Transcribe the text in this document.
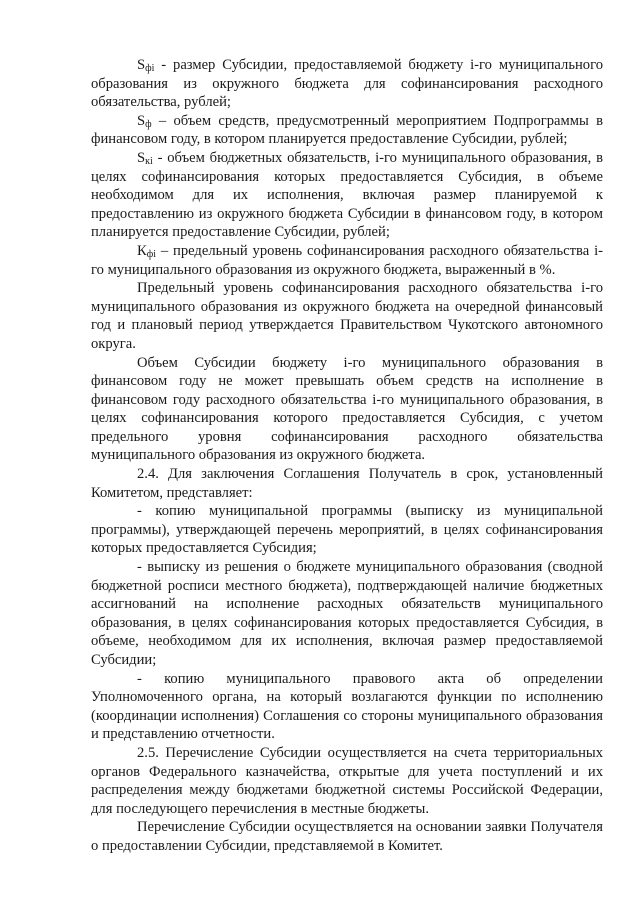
$S_{фi}$ - размер Субсидии, предоставляемой бюджету i-го муниципального образования из окружного бюджета для софинансирования расходного обязательства, рублей;

$S_ф$ – объем средств, предусмотренный мероприятием Подпрограммы в финансовом году, в котором планируется предоставление Субсидии, рублей;

$S_{кi}$ - объем бюджетных обязательств, i-го муниципального образования, в целях софинансирования которых предоставляется Субсидия, в объеме необходимом для их исполнения, включая размер планируемой к предоставлению из окружного бюджета Субсидии в финансовом году, в котором планируется предоставление Субсидии, рублей;

$К_{фi}$ – предельный уровень софинансирования расходного обязательства i-го муниципального образования из окружного бюджета, выраженный в %.

Предельный уровень софинансирования расходного обязательства i-го муниципального образования из окружного бюджета на очередной финансовый год и плановый период утверждается Правительством Чукотского автономного округа.

Объем Субсидии бюджету i-го муниципального образования в финансовом году не может превышать объем средств на исполнение в финансовом году расходного обязательства i-го муниципального образования, в целях софинансирования которого предоставляется Субсидия, с учетом предельного уровня софинансирования расходного обязательства муниципального образования из окружного бюджета.

2.4. Для заключения Соглашения Получатель в срок, установленный Комитетом, представляет:

- копию муниципальной программы (выписку из муниципальной программы), утверждающей перечень мероприятий, в целях софинансирования которых предоставляется Субсидия;

- выписку из решения о бюджете муниципального образования (сводной бюджетной росписи местного бюджета), подтверждающей наличие бюджетных ассигнований на исполнение расходных обязательств муниципального образования, в целях софинансирования которых предоставляется Субсидия, в объеме, необходимом для их исполнения, включая размер предоставляемой Субсидии;

- копию муниципального правового акта об определении Уполномоченного органа, на который возлагаются функции по исполнению (координации исполнения) Соглашения со стороны муниципального образования и представлению отчетности.

2.5. Перечисление Субсидии осуществляется на счета территориальных органов Федерального казначейства, открытые для учета поступлений и их распределения между бюджетами бюджетной системы Российской Федерации, для последующего перечисления в местные бюджеты.

Перечисление Субсидии осуществляется на основании заявки Получателя о предоставлении Субсидии, представляемой в Комитет.
